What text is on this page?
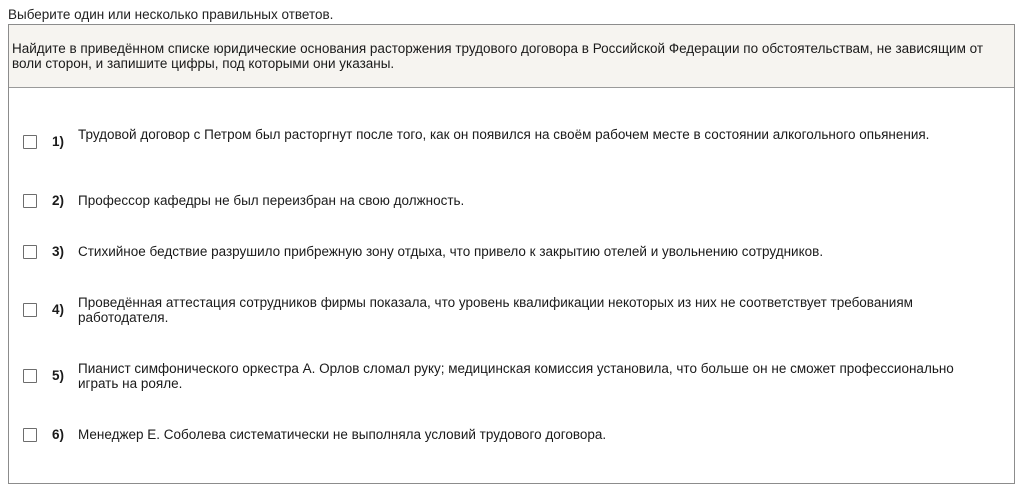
Выберите один или несколько правильных ответов.
Найдите в приведённом списке юридические основания расторжения трудового договора в Российской Федерации по обстоятельствам, не зависящим от воли сторон, и запишите цифры, под которыми они указаны.
1) Трудовой договор с Петром был расторгнут после того, как он появился на своём рабочем месте в состоянии алкогольного опьянения.
2) Профессор кафедры не был переизбран на свою должность.
3) Стихийное бедствие разрушило прибрежную зону отдыха, что привело к закрытию отелей и увольнению сотрудников.
4) Проведённая аттестация сотрудников фирмы показала, что уровень квалификации некоторых из них не соответствует требованиям работодателя.
5) Пианист симфонического оркестра А. Орлов сломал руку; медицинская комиссия установила, что больше он не сможет профессионально играть на рояле.
6) Менеджер Е. Соболева систематически не выполняла условий трудового договора.
